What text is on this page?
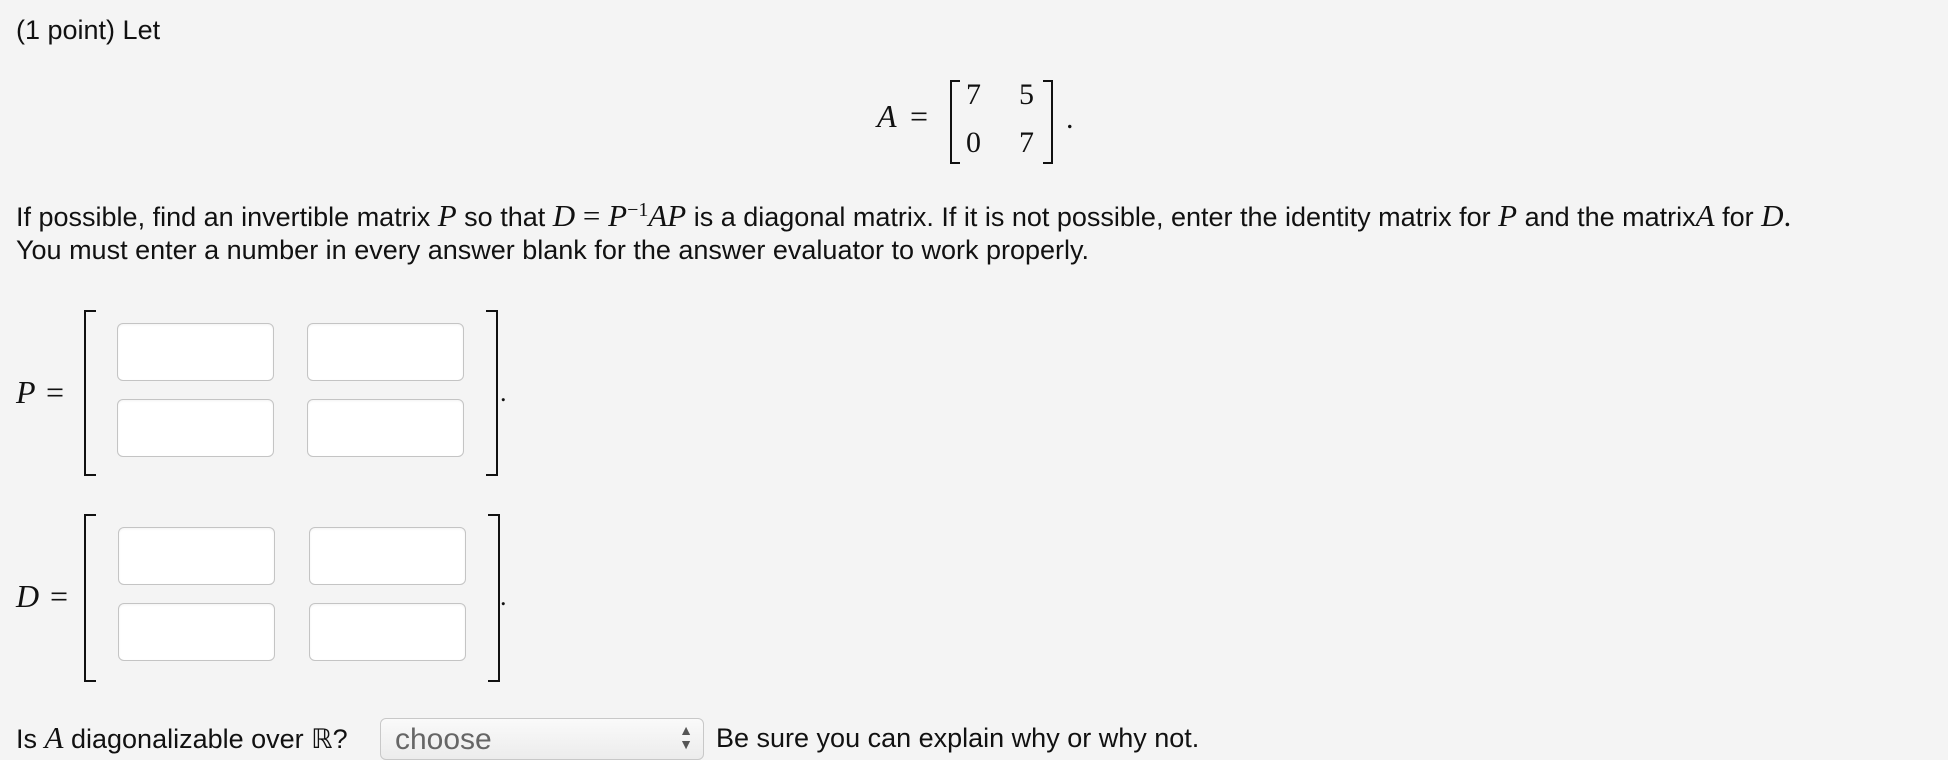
(1 point) Let
A =
7 5
0 7
.
If possible, find an invertible matrix P so that $D = P^{-1}AP$ is a diagonal matrix. If it is not possible, enter the identity matrix for P and the matrixA for D.
You must enter a number in every answer blank for the answer evaluator to work properly.
P =	.
D =	.
Is A diagonalizable over ℝ? choose	▲
▼ Be sure you can explain why or why not.
